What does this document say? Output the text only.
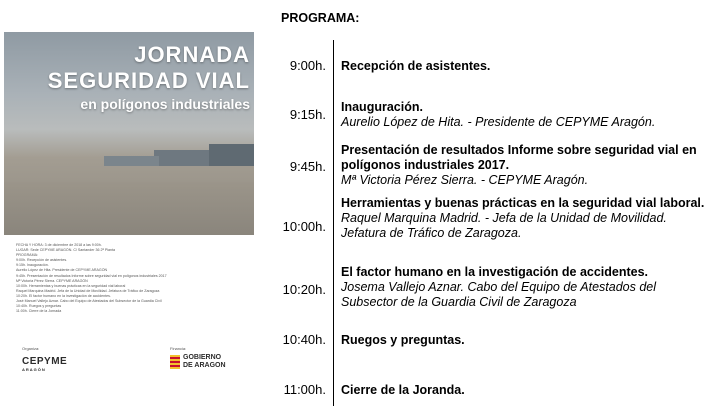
JORNADA
SEGURIDAD VIAL
en polígonos industriales
FECHA Y HORA: 3 de diciembre de 2018 a las 9:00h.
LUGAR: Sede CEPYME ARAGÓN. C/ Santander 36 2ª Planta
PROGRAMA:
9:00h. Recepción de asistentes.
9:15h. Inauguración.
Aurelio López de Hita. Presidente de CEPYME ARAGÓN
9:45h. Presentación de resultados Informe sobre seguridad vial en polígonos industriales 2017
Mª Victoria Pérez Sierra. CEPYME ARAGÓN
10:00h. Herramientas y buenas prácticas en la seguridad vial laboral
Raquel Marquina Madrid. Jefa de la Unidad de Movilidad. Jefatura de Tráfico de Zaragoza
10:20h. El factor humano en la investigación de accidentes.
José Manuel Vallejo Aznar. Cabo del Equipo de Atestados del Subsector de la Guardia Civil
10:40h. Ruegos y preguntas
11:00h. Cierre de la Jornada
Organiza:	Financia:
CEPYME
ARAGÓN
GOBIERNO
DE ARAGON
PROGRAMA:
9:00h. Recepción de asistentes.
9:15h. Inauguración.
Aurelio López de Hita. - Presidente de CEPYME Aragón.
9:45h.
Presentación de resultados Informe sobre seguridad vial en polígonos industriales 2017.
Mª Victoria Pérez Sierra. - CEPYME Aragón.
10:00h.
Herramientas y buenas prácticas en la seguridad vial laboral.
Raquel Marquina Madrid. - Jefa de la Unidad de Movilidad.
Jefatura de Tráfico de Zaragoza.
10:20h.
El factor humano en la investigación de accidentes.
Josema Vallejo Aznar. Cabo del Equipo de Atestados del
Subsector de la Guardia Civil de Zaragoza
10:40h. Ruegos y preguntas.
11:00h. Cierre de la Joranda.
